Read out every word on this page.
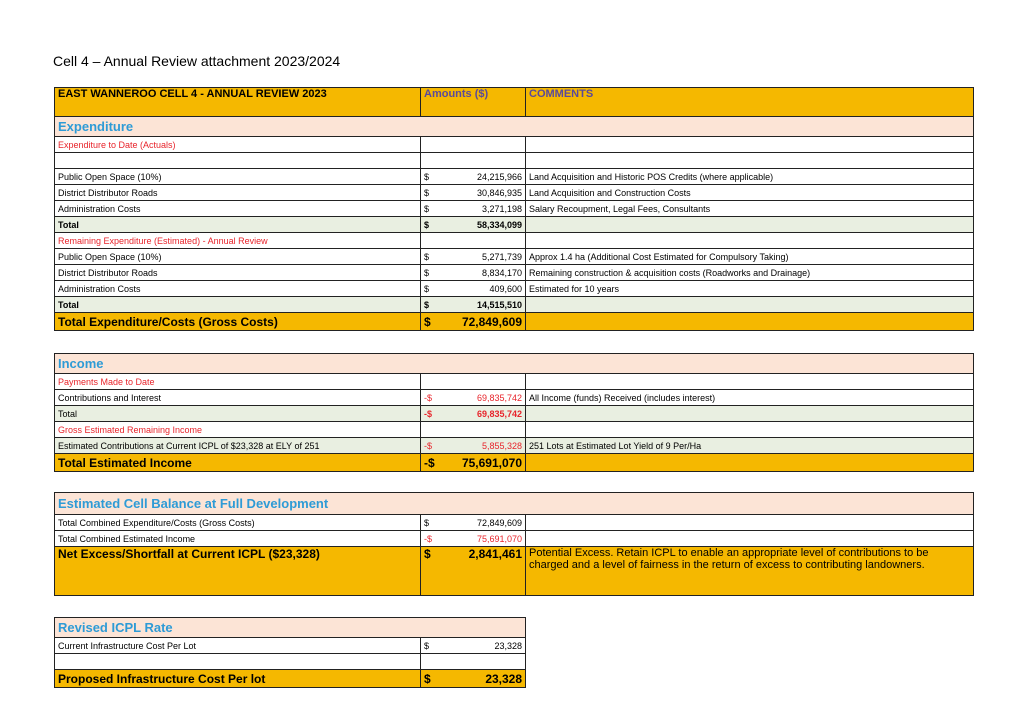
Cell 4 – Annual Review attachment 2023/2024
EAST WANNEROO CELL 4 - ANNUAL REVIEW 2023	Amounts ($)	COMMENTS
Expenditure		
Expenditure to Date (Actuals)		

Public Open Space (10%)	$ 24,215,966	Land Acquisition and Historic POS Credits (where applicable)
District Distributor Roads	$ 30,846,935	Land Acquisition and Construction Costs
Administration Costs	$ 3,271,198	Salary Recoupment, Legal Fees, Consultants
Total	$ 58,334,099	

Remaining Expenditure (Estimated) - Annual Review		
Public Open Space (10%)	$ 5,271,739	Approx 1.4 ha (Additional Cost Estimated for Compulsory Taking)
District Distributor Roads	$ 8,834,170	Remaining construction & acquisition costs (Roadworks and Drainage)
Administration Costs	$ 409,600	Estimated for 10 years
Total	$ 14,515,510	

Total Expenditure/Costs (Gross Costs)	$ 72,849,609	

Income		
Payments Made to Date		
Contributions and Interest	-$ 69,835,742	All Income (funds) Received (includes interest)
Total	-$ 69,835,742	

Gross Estimated Remaining Income		
Estimated Contributions at Current ICPL of $23,328 at ELY of 251	-$ 5,855,328	251 Lots at Estimated Lot Yield of 9 Per/Ha
Total Estimated Income	-$ 75,691,070	

Estimated Cell Balance at Full Development		
Total Combined Expenditure/Costs (Gross Costs)	$ 72,849,609	

Total Combined Estimated Income	-$ 75,691,070	

Net Excess/Shortfall at Current ICPL ($23,328)	$ 2,841,461	Potential Excess. Retain ICPL to enable an appropriate level of contributions to be charged and a level of fairness in the return of excess to contributing landowners.
Revised ICPL Rate	
Current Infrastructure Cost Per Lot	$ 23,328

Proposed Infrastructure Cost Per lot	$ 23,328
